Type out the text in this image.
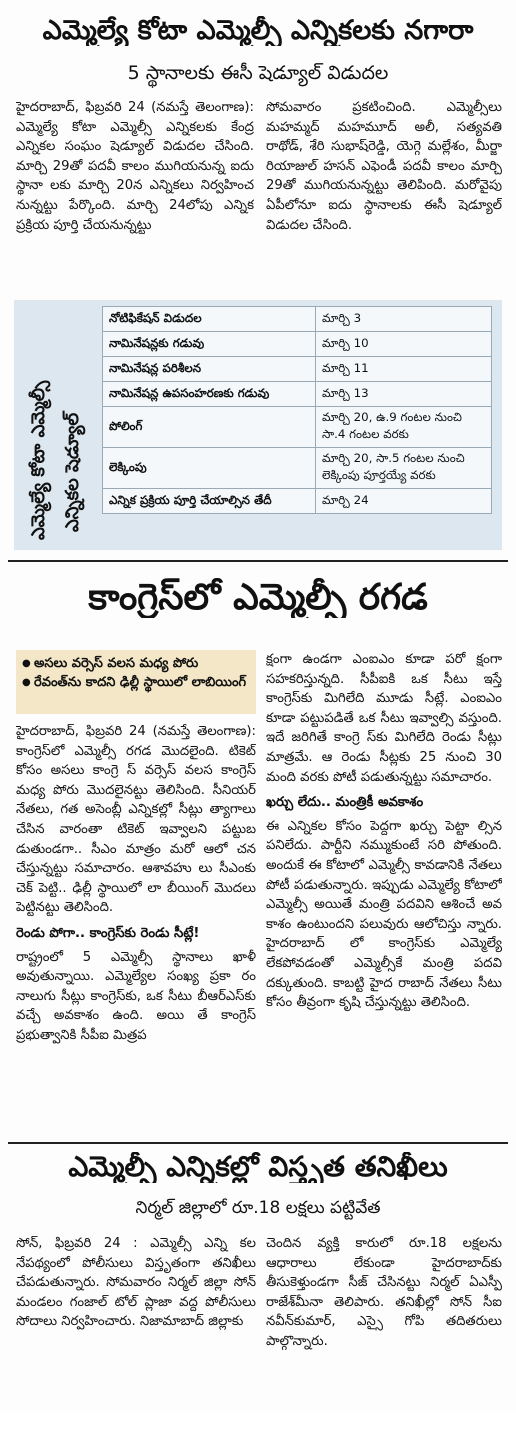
ఎమ్మెల్యే కోటా ఎమ్మెల్సీ ఎన్నికలకు నగారా
5 స్థానాలకు ఈసీ షెడ్యూల్‌ విడుదల

హైదరాబాద్‌, ఫిబ్రవరి 24 (నమస్తే తెలంగాణ): ఎమ్మెల్యే కోటా ఎమ్మెల్సీ ఎన్నికలకు కేంద్ర ఎన్నికల సంఘం షెడ్యూల్‌ విడుదల చేసింది. మార్చి 29తో పదవీ కాలం ముగియనున్న ఐదు స్థానా లకు మార్చి 20న ఎన్నికలు నిర్వహించ నున్నట్టు పేర్కొంది. మార్చి 24లోపు ఎన్నిక ప్రక్రియ పూర్తి చేయనున్నట్టు

సోమవారం ప్రకటించింది. ఎమ్మెల్సీలు మహమ్మద్‌ మహమూద్‌ అలీ, సత్యవతి రాథోడ్‌, శేరి సుభాష్‌రెడ్డి, యెగ్గె మల్లేశం, మీర్జా రియాజుల్‌ హసన్‌ ఎఫెండీ పదవీ కాలం మార్చి 29తో ముగియనున్నట్టు తెలిపింది. మరోవైపు ఏపీలోనూ ఐదు స్థానాలకు ఈసీ షెడ్యూల్‌ విడుదల చేసింది.

ఎమ్మెల్యే కోటా ఎమ్మెల్సీ ఎన్నికల షెడ్యూల్‌
నోటిఫికేషన్‌ విడుదల	మార్చి 3
నామినేషన్లకు గడువు	మార్చి 10
నామినేషన్ల పరిశీలన	మార్చి 11
నామినేషన్ల ఉపసంహరణకు గడువు	మార్చి 13
పోలింగ్‌	మార్చి 20, ఉ.9 గంటల నుంచి సా.4 గంటల వరకు
లెక్కింపు	మార్చి 20, సా.5 గంటల నుంచి లెక్కింపు పూర్తయ్యే వరకు
ఎన్నిక ప్రక్రియ పూర్తి చేయాల్సిన తేదీ	మార్చి 24
కాంగ్రెస్‌లో ఎమ్మెల్సీ రగడ
● అసలు వర్సెస్‌ వలస మధ్య పోరు
● రేవంత్‌ను కాదని ఢిల్లీ స్థాయిలో లాబియింగ్‌

హైదరాబాద్‌, ఫిబ్రవరి 24 (నమస్తే తెలంగాణ): కాంగ్రెస్‌లో ఎమ్మెల్సీ రగడ మొదలైంది. టికెట్‌ కోసం అసలు కాంగ్రె స్‌ వర్సెస్‌ వలస కాంగ్రెస్‌ మధ్య పోరు మొదలైనట్టు తెలిసింది. సీనియర్‌ నేతలు, గత అసెంబ్లీ ఎన్నికల్లో సీట్లు త్యాగాలు చేసిన వారంతా టికెట్‌ ఇవ్వాలని పట్టుబ డుతుండగా.. సీఎం మాత్రం మరో ఆలో చన చేస్తున్నట్టు సమాచారం. ఆశావహు లు సీఎంకు చెక్‌ పెట్టి.. ఢిల్లీ స్థాయిలో లా బీయింగ్‌ మొదలు పెట్టినట్టు తెలిసింది.

రెండు పోగా.. కాంగ్రెస్‌కు రెండు సీట్లే!

రాష్ట్రంలో 5 ఎమ్మెల్సీ స్థానాలు ఖాళీ అవుతున్నాయి. ఎమ్మెల్యేల సంఖ్య ప్రకా రం నాలుగు సీట్లు కాంగ్రెస్‌కు, ఒక సీటు బీఆర్‌ఎస్‌కు వచ్చే అవకాశం ఉంది. అయి తే కాంగ్రెస్‌ ప్రభుత్వానికి సీపీఐ మిత్రప

క్షంగా ఉండగా ఎంఐఎం కూడా పరో క్షంగా సహకరిస్తున్నది. సీపీఐకి ఒక సీటు ఇస్తే కాంగ్రెస్‌కు మిగిలేది మూడు సీట్లే. ఎంఐఎం కూడా పట్టుపడితే ఒక సీటు ఇవ్వాల్సి వస్తుంది. ఇదే జరిగితే కాంగ్రె స్‌కు మిగిలేది రెండు సీట్లు మాత్రమే. ఆ రెండు సీట్లకు 25 నుంచి 30 మంది వరకు పోటీ పడుతున్నట్టు సమాచారం.

ఖర్చు లేదు.. మంత్రికీ అవకాశం

ఈ ఎన్నికల కోసం పెద్దగా ఖర్చు పెట్టా ల్సిన పనిలేదు. పార్టీని నమ్ముకుంటే సరి పోతుంది. అందుకే ఈ కోటాలో ఎమ్మెల్సీ కావడానికి నేతలు పోటీ పడుతున్నారు. ఇప్పుడు ఎమ్మెల్యే కోటాలో ఎమ్మెల్సీ అయితే మంత్రి పదవిని ఆశించే అవ కాశం ఉంటుందని పలువురు ఆలోచిస్తు న్నారు. హైదరాబాద్‌ లో కాంగ్రెస్‌కు ఎమ్మెల్యే లేకపోవడంతో ఎమ్మెల్సీకే మంత్రి పదవి దక్కుతుంది. కాబట్టి హైద రాబాద్‌ నేతలు సీటు కోసం తీవ్రంగా కృషి చేస్తున్నట్టు తెలిసింది.

ఎమ్మెల్సీ ఎన్నికల్లో విస్తృత తనిఖీలు
నిర్మల్‌ జిల్లాలో రూ.18 లక్షలు పట్టివేత

సోన్‌, ఫిబ్రవరి 24 : ఎమ్మెల్సీ ఎన్ని కల నేపథ్యంలో పోలీసులు విస్తృతంగా తనిఖీలు చేపడుతున్నారు. సోమవారం నిర్మల్‌ జిల్లా సోన్‌ మండలం గంజాల్‌ టోల్‌ ప్లాజా వద్ద పోలీసులు సోదాలు నిర్వహించారు. నిజామాబాద్‌ జిల్లాకు

చెందిన వ్యక్తి కారులో రూ.18 లక్షలను ఆధారాలు లేకుండా హైదరాబాద్‌కు తీసుకెళ్తుండగా సీజ్‌ చేసినట్టు నిర్మల్‌ ఏఎస్పీ రాజేశ్‌మీనా తెలిపారు. తనిఖీల్లో సోన్‌ సీఐ నవీన్‌కుమార్‌, ఎస్సై గోపి తదితరులు పాల్గొన్నారు.
